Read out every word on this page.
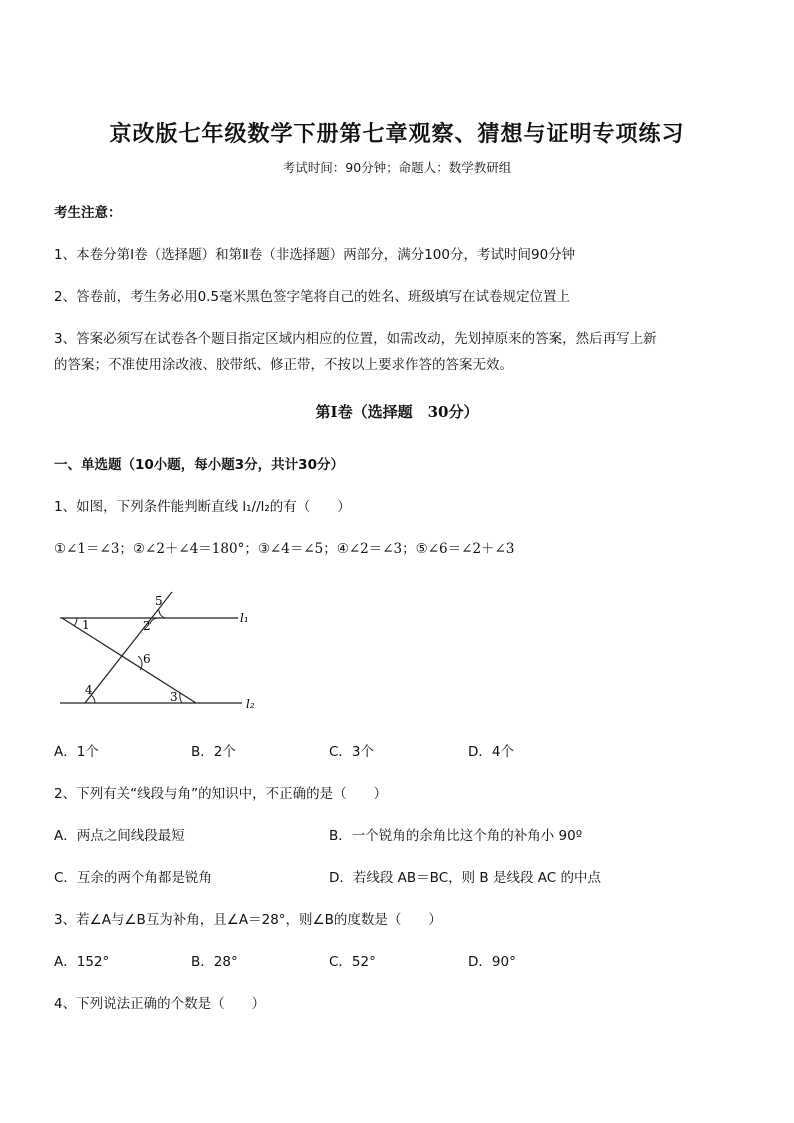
京改版七年级数学下册第七章观察、猜想与证明专项练习
考试时间：90分钟；命题人：数学教研组
考生注意：
1、本卷分第Ⅰ卷（选择题）和第Ⅱ卷（非选择题）两部分，满分100分，考试时间90分钟
2、答卷前，考生务必用0.5毫米黑色签字笔将自己的姓名、班级填写在试卷规定位置上
3、答案必须写在试卷各个题目指定区域内相应的位置，如需改动，先划掉原来的答案，然后再写上新
的答案；不准使用涂改液、胶带纸、修正带，不按以上要求作答的答案无效。
第Ⅰ卷（选择题　30分）
一、单选题（10小题，每小题3分，共计30分）
1、如图，下列条件能判断直线 l₁//l₂的有（　　）
①∠1＝∠3；②∠2＋∠4＝180°；③∠4＝∠5；④∠2＝∠3；⑤∠6＝∠2＋∠3
1	2
3
4
5
6
l₁
l₂
A．1个	B．2个	C．3个	D．4个
2、下列有关“线段与角”的知识中，不正确的是（　　）
A．两点之间线段最短	B．一个锐角的余角比这个角的补角小 90º
C．互余的两个角都是锐角	D．若线段 AB＝BC，则 B 是线段 AC 的中点
3、若∠A与∠B互为补角，且∠A＝28°，则∠B的度数是（　　）
A．152°	B．28°	C．52°	D．90°
4、下列说法正确的个数是（　　）
